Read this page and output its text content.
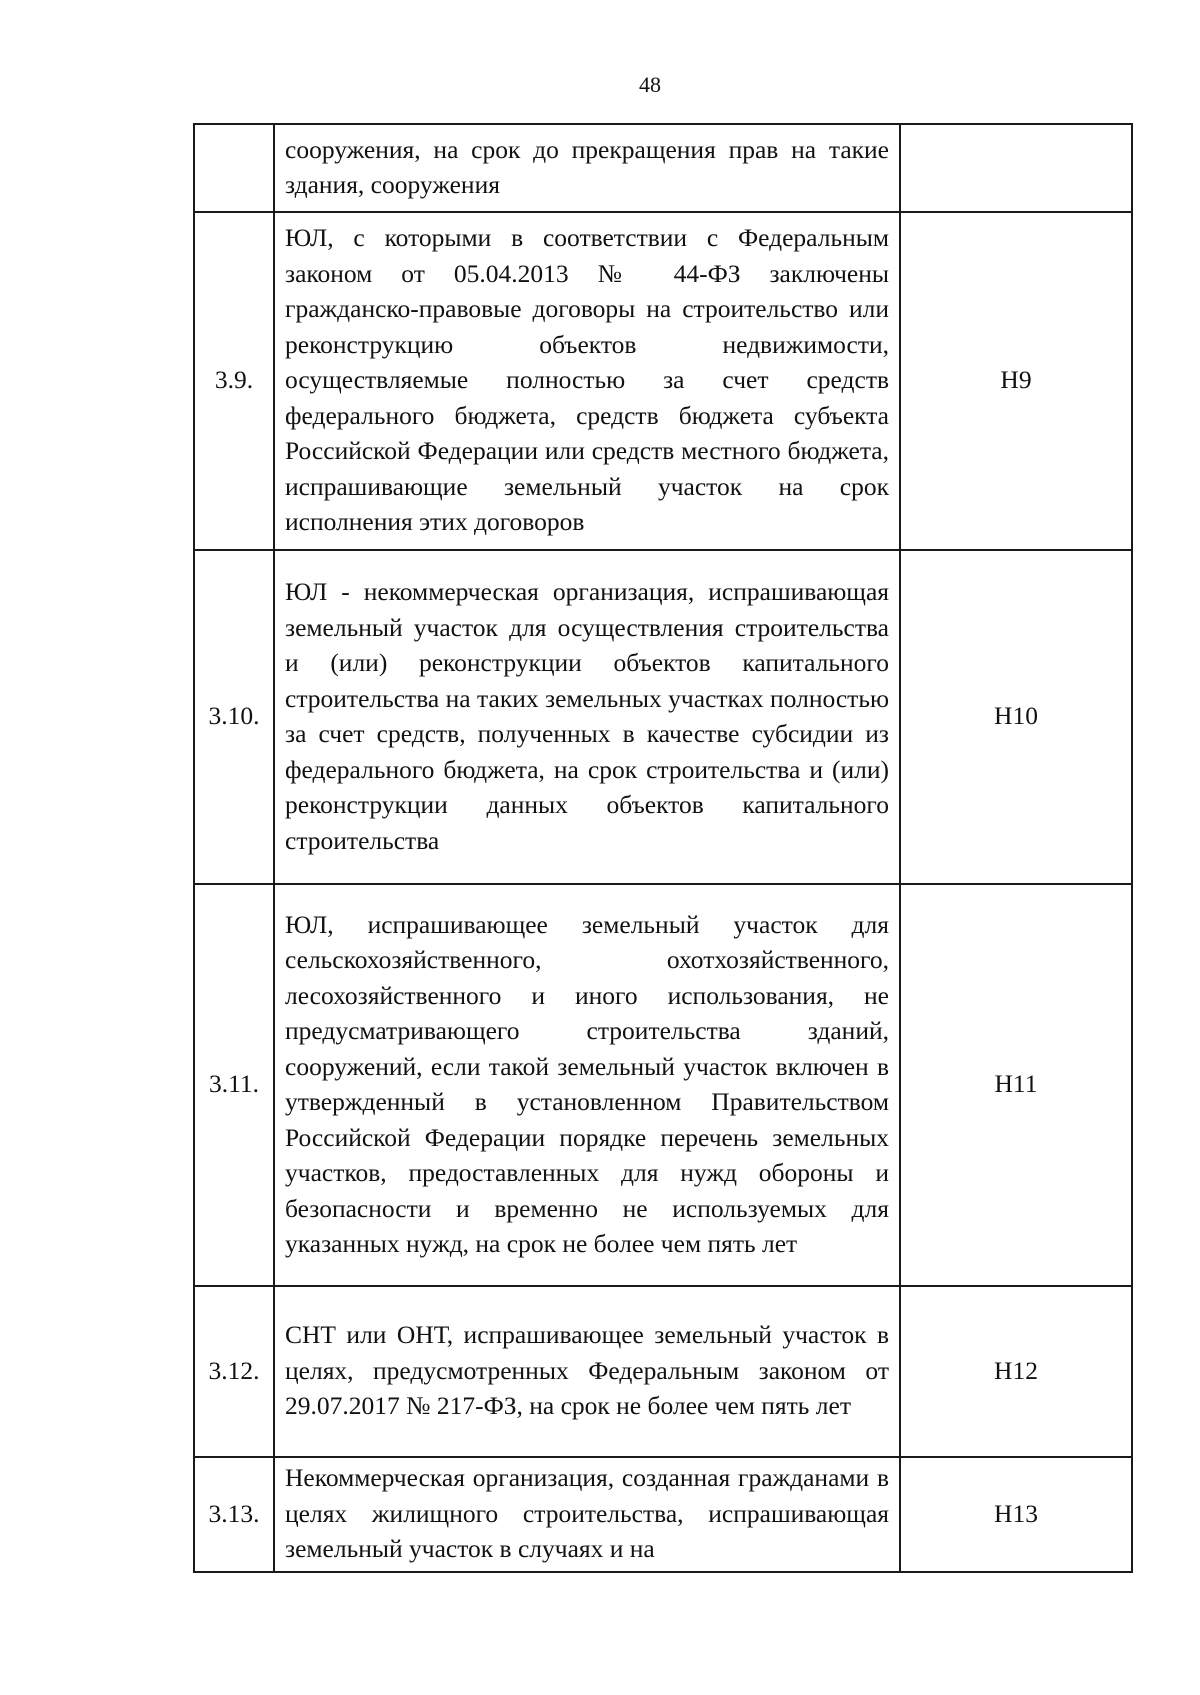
48
	сооружения, на срок до прекращения прав на такие здания, сооружения	
3.9.	ЮЛ, с которыми в соответствии с Федеральным законом от 05.04.2013 № 44-ФЗ заключены гражданско-правовые договоры на строительство или реконструкцию объектов недвижимости, осуществляемые полностью за счет средств федерального бюджета, средств бюджета субъекта Российской Федерации или средств местного бюджета, испрашивающие земельный участок на срок исполнения этих договоров	Н9
3.10.	ЮЛ - некоммерческая организация, испрашивающая земельный участок для осуществления строительства и (или) реконструкции объектов капитального строительства на таких земельных участках полностью за счет средств, полученных в качестве субсидии из федерального бюджета, на срок строительства и (или) реконструкции данных объектов капитального строительства	Н10
3.11.	ЮЛ, испрашивающее земельный участок для сельскохозяйственного, охотхозяйственного, лесохозяйственного и иного использования, не предусматривающего строительства зданий, сооружений, если такой земельный участок включен в утвержденный в установленном Правительством Российской Федерации порядке перечень земельных участков, предоставленных для нужд обороны и безопасности и временно не используемых для указанных нужд, на срок не более чем пять лет	Н11
3.12.	СНТ или ОНТ, испрашивающее земельный участок в целях, предусмотренных Федеральным законом от 29.07.2017 № 217-ФЗ, на срок не более чем пять лет	Н12
3.13.	Некоммерческая организация, созданная гражданами в целях жилищного строительства, испрашивающая земельный участок в случаях и на	Н13
